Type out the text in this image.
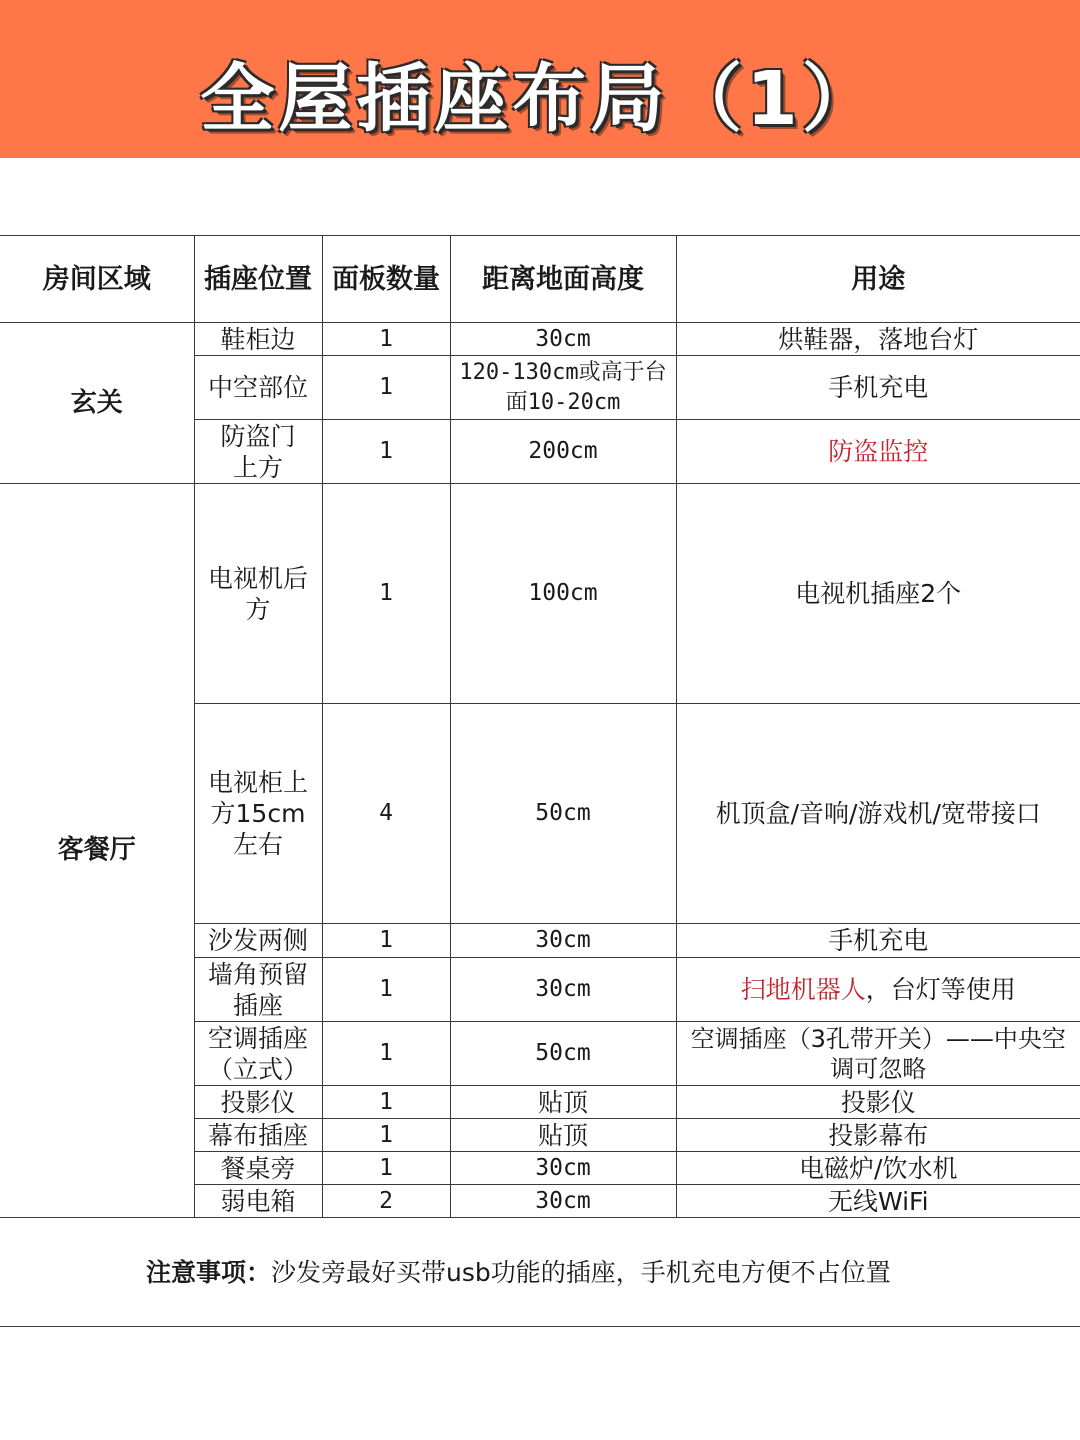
全屋插座布局（1）
房间区域	插座位置	面板数量	距离地面高度	用途
玄关	鞋柜边	1	30cm	烘鞋器，落地台灯
	中空部位	1	120-130cm或高于台面10-20cm	手机充电
	防盗门上方	1	200cm	防盗监控
客餐厅	电视机后方	1	100cm	电视机插座2个
	电视柜上方15cm左右	4	50cm	机顶盒/音响/游戏机/宽带接口
	沙发两侧	1	30cm	手机充电
	墙角预留插座	1	30cm	扫地机器人，台灯等使用
	空调插座（立式）	1	50cm	空调插座（3孔带开关）——中央空调可忽略
	投影仪	1	贴顶	投影仪
	幕布插座	1	贴顶	投影幕布
	餐桌旁	1	30cm	电磁炉/饮水机
	弱电箱	2	30cm	无线WiFi
注意事项：沙发旁最好买带usb功能的插座，手机充电方便不占位置				
